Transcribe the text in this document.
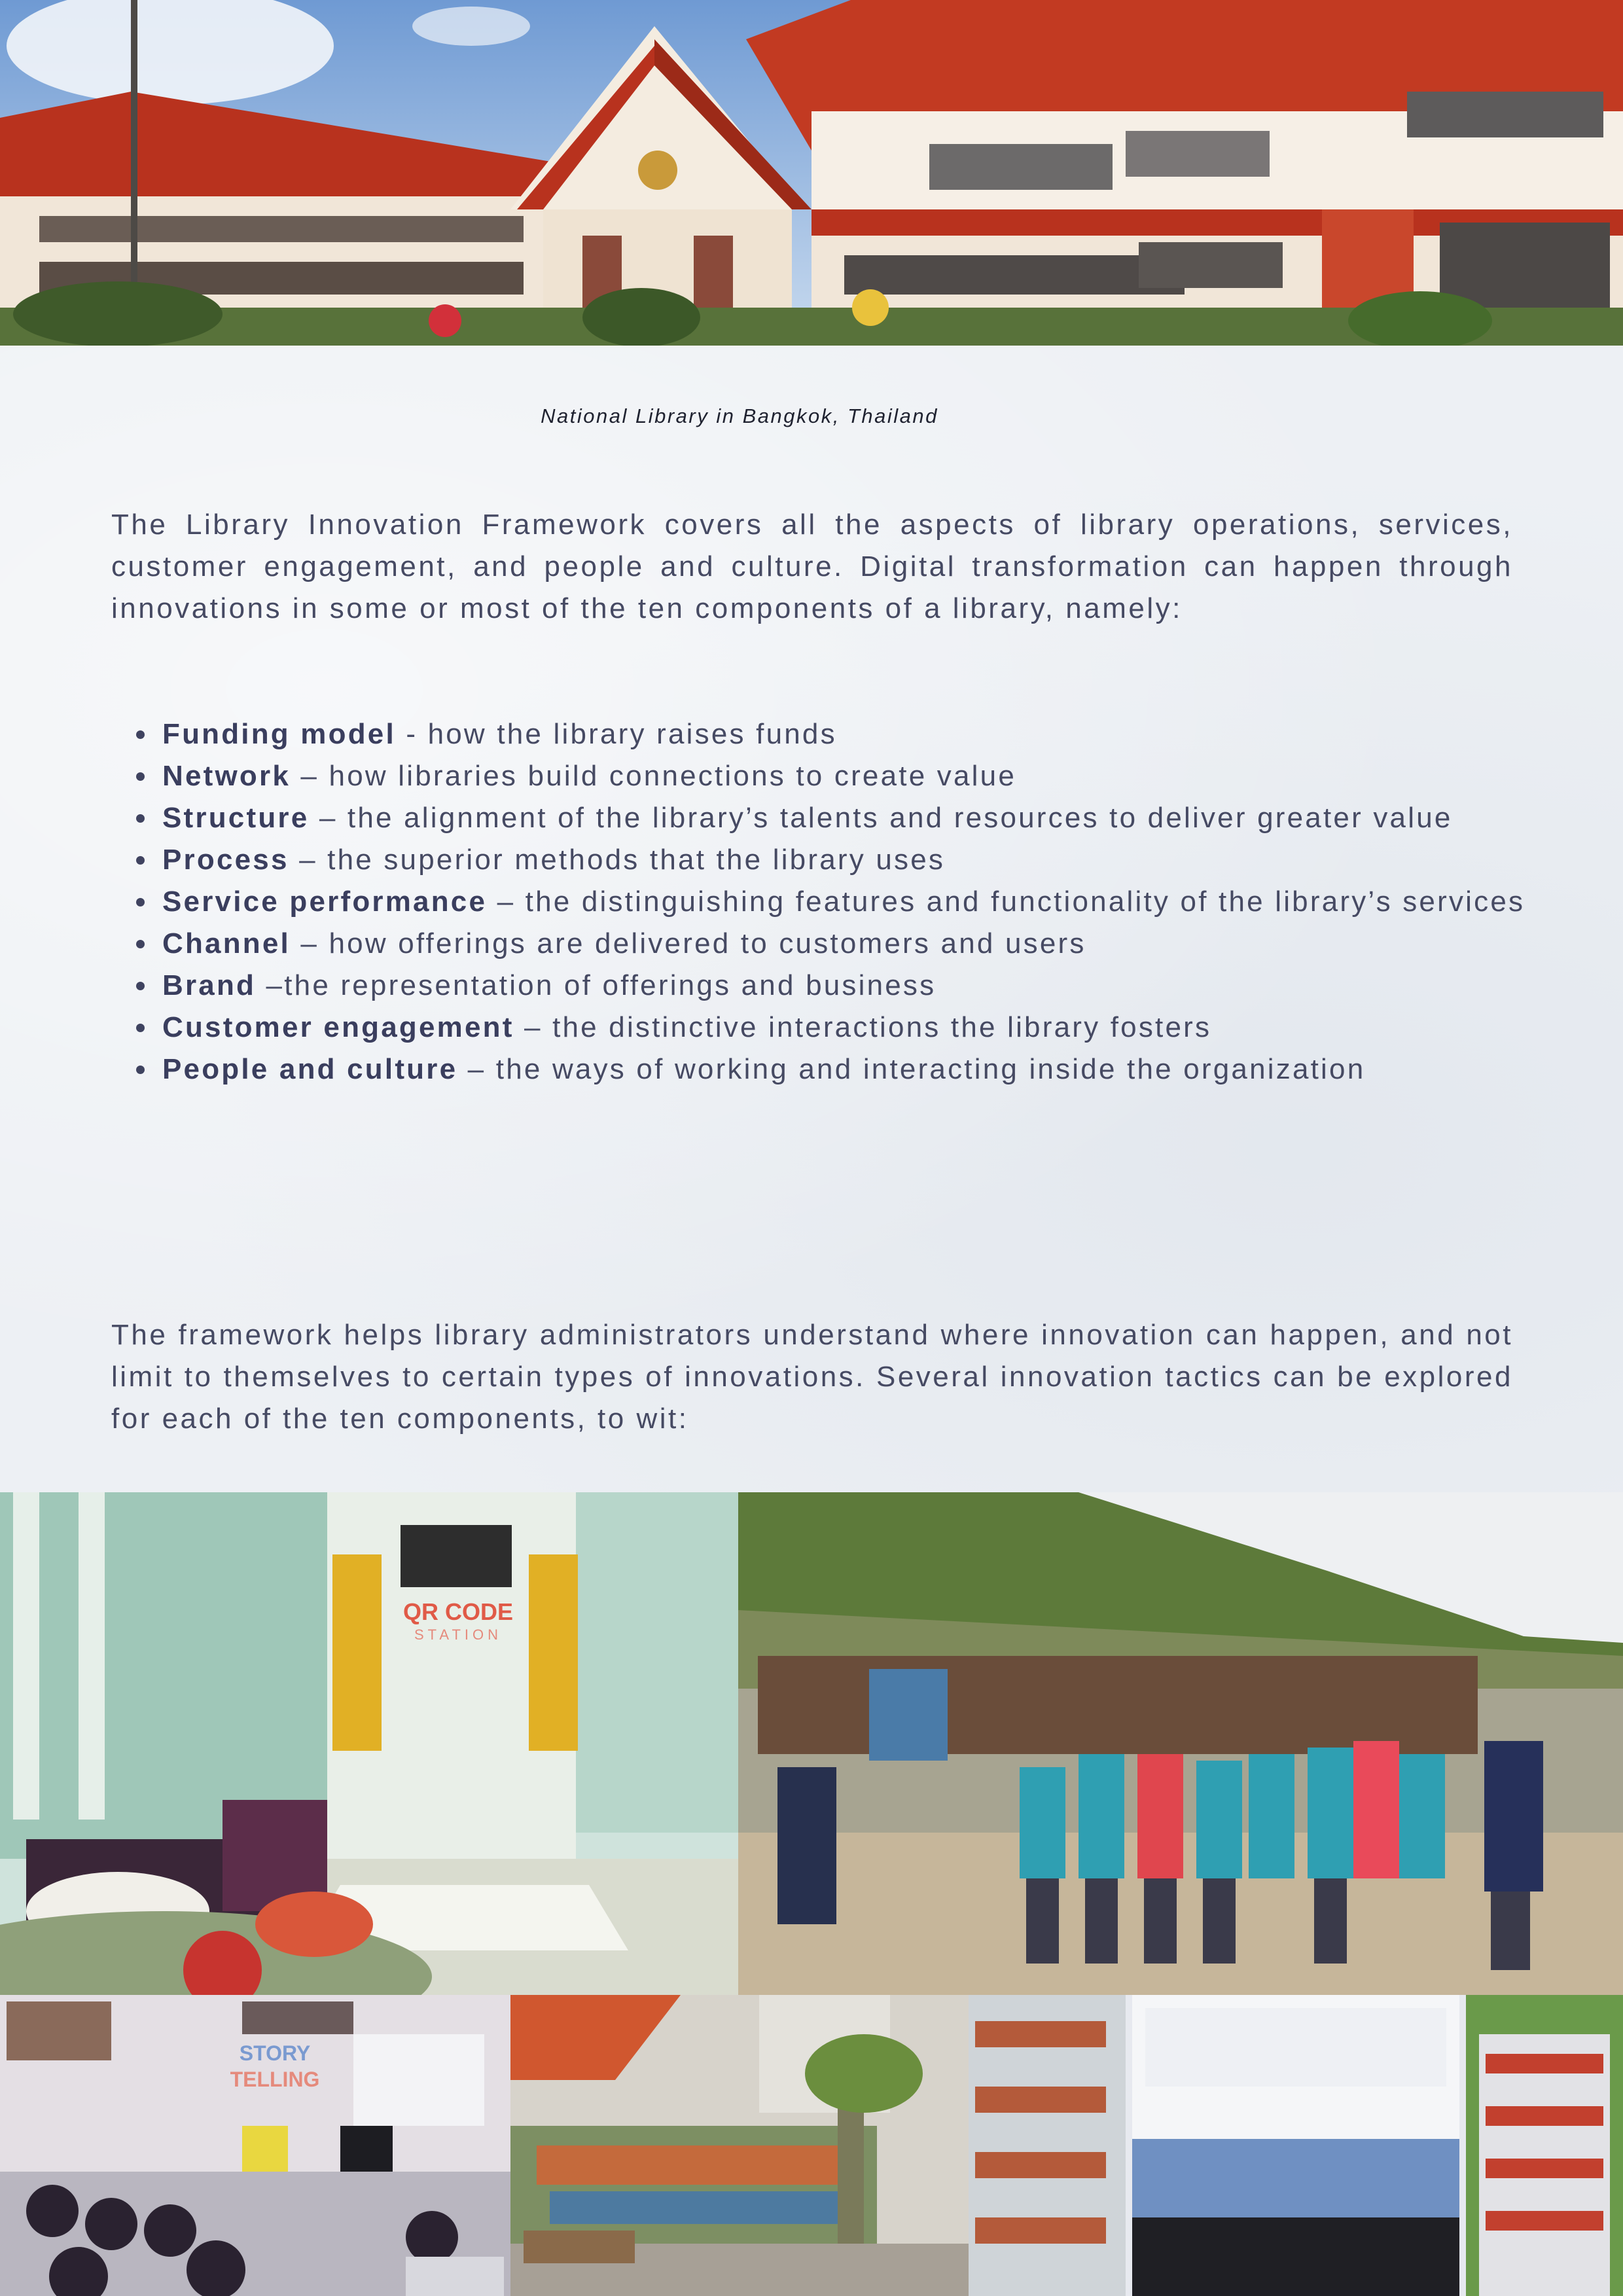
National Library in Bangkok, Thailand

The Library Innovation Framework covers all the aspects of library operations, services, customer engagement, and people and culture. Digital transformation can happen through innovations in some or most of the ten components of a library, namely:

Funding model - how the library raises funds
Network – how libraries build connections to create value
Structure – the alignment of the library’s talents and resources to deliver greater value
Process – the superior methods that the library uses
Service performance – the distinguishing features and functionality of the library’s services
Channel – how offerings are delivered to customers and users
Brand –the representation of offerings and business
Customer engagement – the distinctive interactions the library fosters
People and culture – the ways of working and interacting inside the organization

The framework helps library administrators understand where innovation can happen, and not limit to themselves to certain types of innovations. Several innovation tactics can be explored for each of the ten components, to wit:

QR CODE
STATION
STORY
TELLING
